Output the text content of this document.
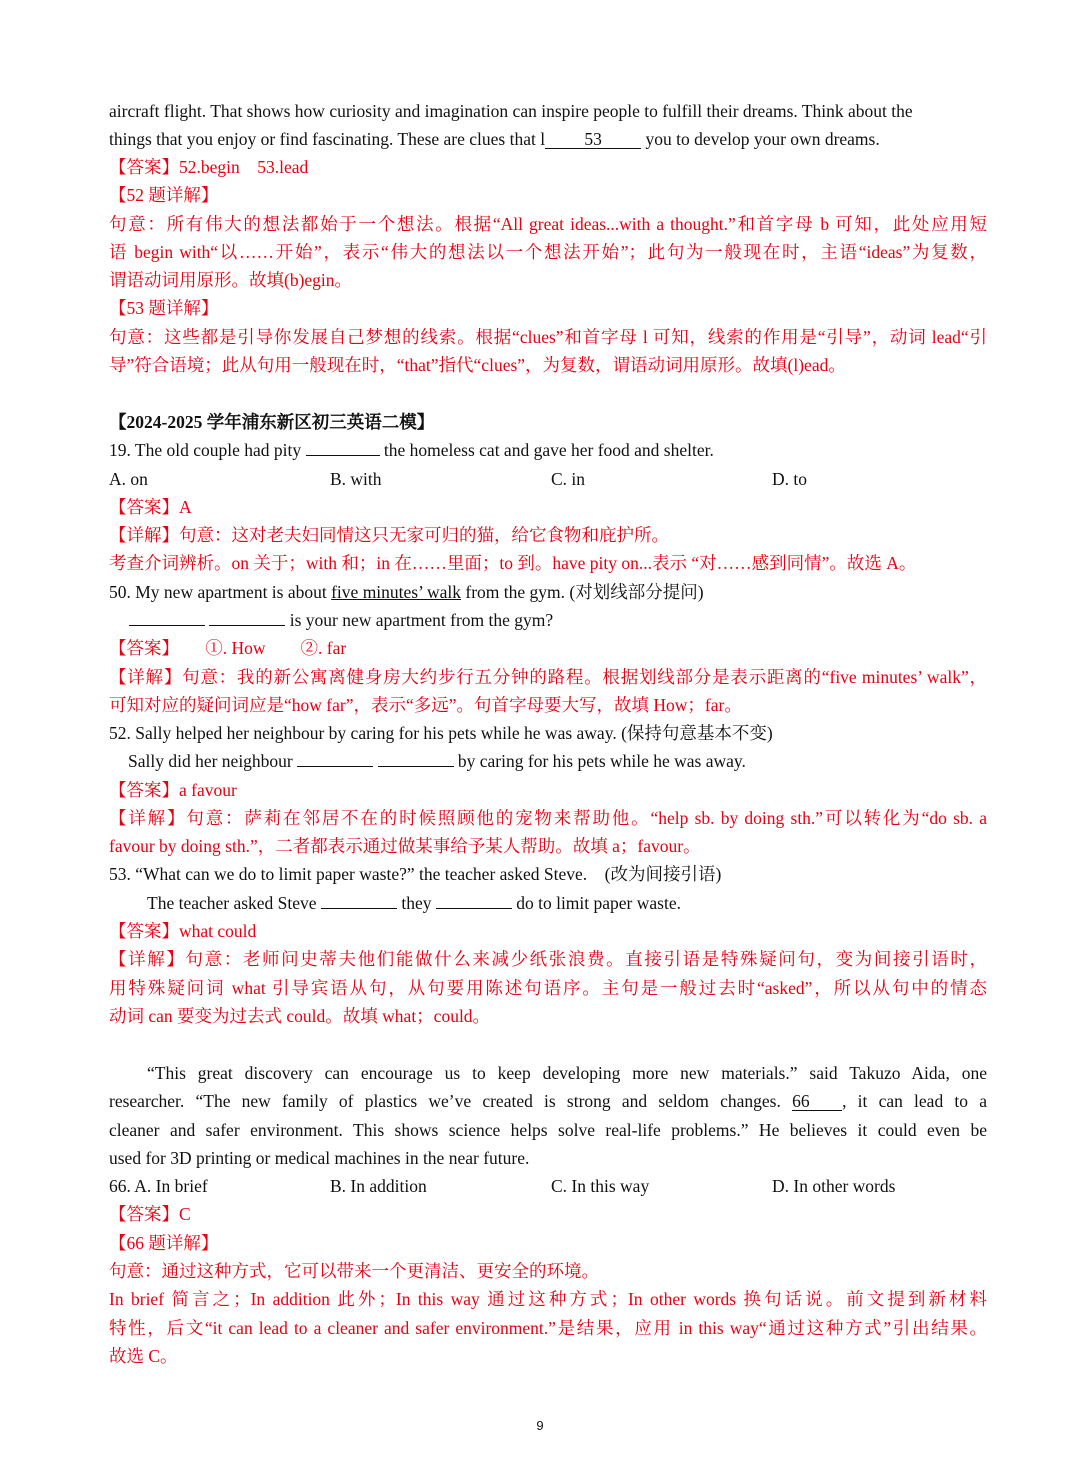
aircraft flight. That shows how curiosity and imagination can inspire people to fulfill their dreams. Think about the
things that you enjoy or find fascinating. These are clues that l 53 you to develop your own dreams.
【答案】52.begin　53.lead
【52 题详解】
句意：所有伟大的想法都始于一个想法。根据“All great ideas...with a thought.”和首字母 b 可知，此处应用短
语 begin with“以……开始”，表示“伟大的想法以一个想法开始”；此句为一般现在时，主语“ideas”为复数，
谓语动词用原形。故填(b)egin。
【53 题详解】
句意：这些都是引导你发展自己梦想的线索。根据“clues”和首字母 l 可知，线索的作用是“引导”，动词 lead“引
导”符合语境；此从句用一般现在时，“that”指代“clues”，为复数，谓语动词用原形。故填(l)ead。
【2024-2025 学年浦东新区初三英语二模】
19. The old couple had pity	the homeless cat and gave her food and shelter.
A. on	B. with	C. in	D. to
【答案】A
【详解】句意：这对老夫妇同情这只无家可归的猫，给它食物和庇护所。
考查介词辨析。on 关于；with 和；in 在……里面；to 到。have pity on...表示 “对……感到同情”。故选 A。
50. My new apartment is about five minutes’ walk from the gym. (对划线部分提问)
is your new apartment from the gym?
【答案】　　①. How　　②. far
【详解】句意：我的新公寓离健身房大约步行五分钟的路程。根据划线部分是表示距离的“five minutes’ walk”，
可知对应的疑问词应是“how far”，表示“多远”。句首字母要大写，故填 How；far。
52. Sally helped her neighbour by caring for his pets while he was away. (保持句意基本不变)
Sally did her neighbour	by caring for his pets while he was away.
【答案】a favour
【详解】句意：萨莉在邻居不在的时候照顾他的宠物来帮助他。“help sb. by doing sth.”可以转化为“do sb. a
favour by doing sth.”，二者都表示通过做某事给予某人帮助。故填 a；favour。
53. “What can we do to limit paper waste?” the teacher asked Steve.　(改为间接引语)
The teacher asked Steve	they	do to limit paper waste.
【答案】what could
【详解】句意：老师问史蒂夫他们能做什么来减少纸张浪费。直接引语是特殊疑问句，变为间接引语时，
用特殊疑问词 what 引导宾语从句，从句要用陈述句语序。主句是一般过去时“asked”，所以从句中的情态
动词 can 要变为过去式 could。故填 what；could。
“This great discovery can encourage us to keep developing more new materials.” said Takuzo Aida, one
researcher. “The new family of plastics we’ve created is strong and seldom changes. 66 , it can lead to a
cleaner and safer environment. This shows science helps solve real-life problems.” He believes it could even be
used for 3D printing or medical machines in the near future.
66. A. In brief	B. In addition	C. In this way	D. In other words
【答案】C
【66 题详解】
句意：通过这种方式，它可以带来一个更清洁、更安全的环境。
In brief 简言之；In addition 此外；In this way 通过这种方式；In other words 换句话说。前文提到新材料
特性，后文“it can lead to a cleaner and safer environment.”是结果，应用 in this way“通过这种方式”引出结果。
故选 C。
9
